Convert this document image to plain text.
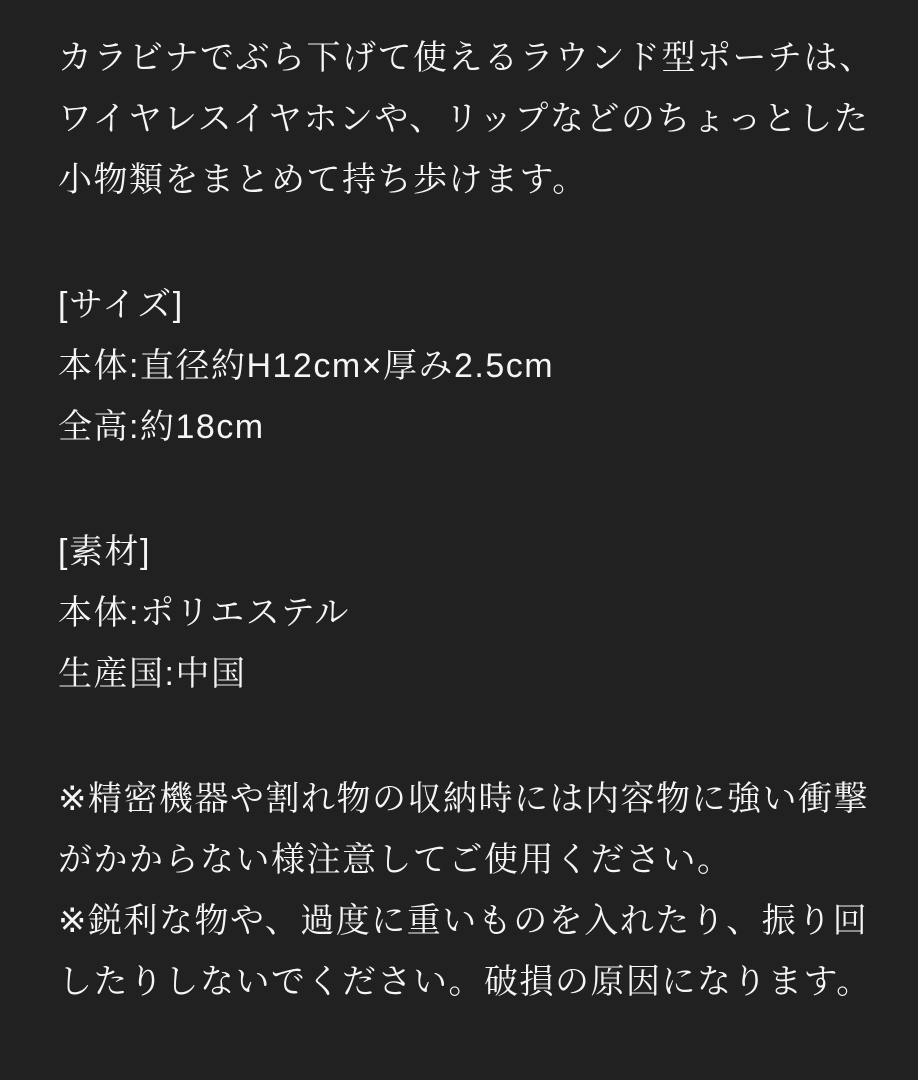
カラビナでぶら下げて使えるラウンド型ポーチは、
ワイヤレスイヤホンや、リップなどのちょっとした
小物類をまとめて持ち歩けます。
[サイズ]
本体:直径約H12cm×厚み2.5cm
全高:約18cm
[素材]
本体:ポリエステル
生産国:中国
※精密機器や割れ物の収納時には内容物に強い衝撃
がかからない様注意してご使用ください。
※鋭利な物や、過度に重いものを入れたり、振り回
したりしないでください。破損の原因になります。
